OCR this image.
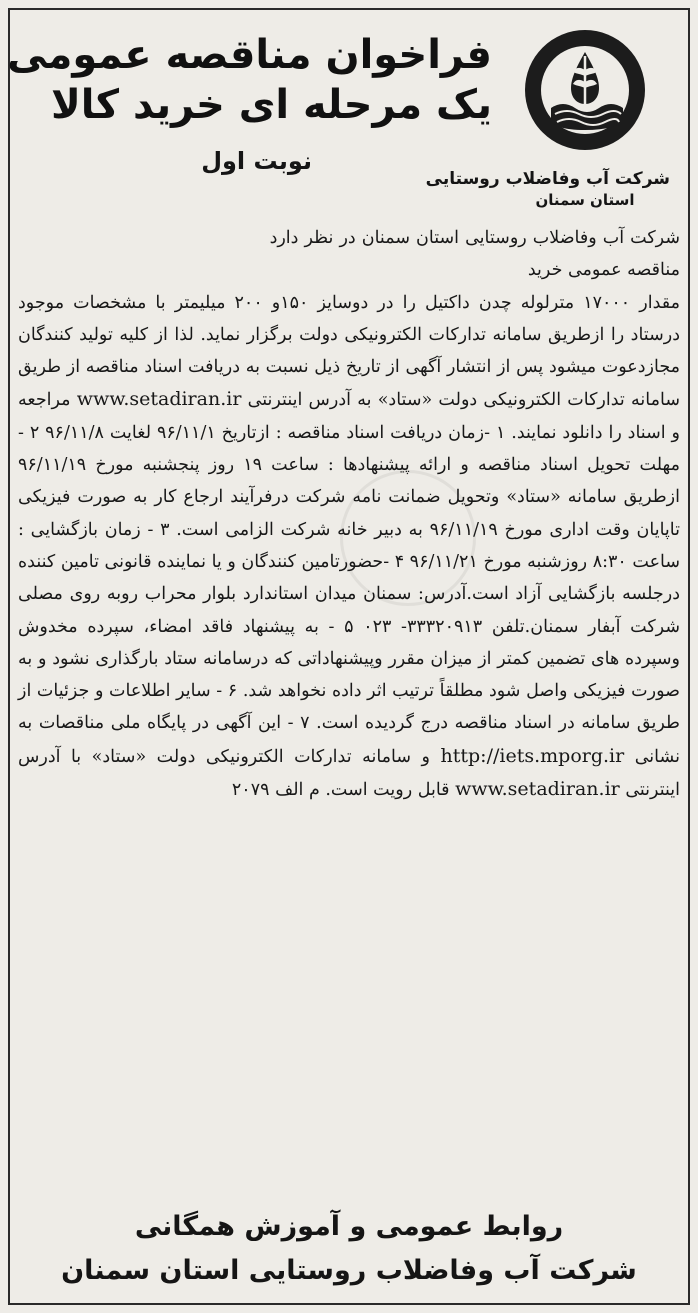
شرکت آب وفاضلاب روستایی
استان سمنان
فراخوان مناقصه عمومی
یک مرحله ای خرید کالا
نوبت اول

شرکت آب وفاضلاب روستایی استان سمنان در نظر دارد مناقصه عمومی خرید
مقدار ۱۷۰۰۰ مترلوله چدن داکتیل را در دوسایز ۱۵۰و ۲۰۰ میلیمتر با مشخصات موجود درستاد را ازطریق سامانه تدارکات الکترونیکی دولت برگزار نماید. لذا از کلیه تولید کنندگان مجازدعوت میشود پس از انتشار آگهی از تاریخ ذیل نسبت به دریافت اسناد مناقصه از طریق سامانه تدارکات الکترونیکی دولت «ستاد» به آدرس اینترنتی www.setadiran.ir مراجعه و اسناد را دانلود نمایند. ۱ -زمان دریافت اسناد مناقصه : ازتاریخ ۹۶/۱۱/۱ لغایت ۹۶/۱۱/۸ ۲ - مهلت تحویل اسناد مناقصه و ارائه پیشنهادها : ساعت ۱۹ روز پنجشنبه مورخ ۹۶/۱۱/۱۹ ازطریق سامانه «ستاد» وتحویل ضمانت نامه شرکت درفرآیند ارجاع کار به صورت فیزیکی تاپایان وقت اداری مورخ ۹۶/۱۱/۱۹ به دبیر خانه شرکت الزامی است. ۳ - زمان بازگشایی : ساعت ۸:۳۰ روزشنبه مورخ ۹۶/۱۱/۲۱ ۴ -حضورتامین کنندگان و یا نماینده قانونی تامین کننده درجلسه بازگشایی آزاد است.آدرس: سمنان میدان استاندارد بلوار محراب روبه روی مصلی شرکت آبفار سمنان.تلفن ۳۳۳۲۰۹۱۳- ۰۲۳ ۵ - به پیشنهاد فاقد امضاء، سپرده مخدوش وسپرده های تضمین کمتر از میزان مقرر وپیشنهاداتی که درسامانه ستاد بارگذاری نشود و به صورت فیزیکی واصل شود مطلقاً ترتیب اثر داده نخواهد شد. ۶ - سایر اطلاعات و جزئیات از طریق سامانه در اسناد مناقصه درج گردیده است. ۷ - این آگهی در پایگاه ملی مناقصات به نشانی http://iets.mporg.ir و سامانه تدارکات الکترونیکی دولت «ستاد» با آدرس اینترنتی www.setadiran.ir قابل رویت است. م الف ۲۰۷۹

روابط عمومی و آموزش همگانی
شرکت آب وفاضلاب روستایی استان سمنان
